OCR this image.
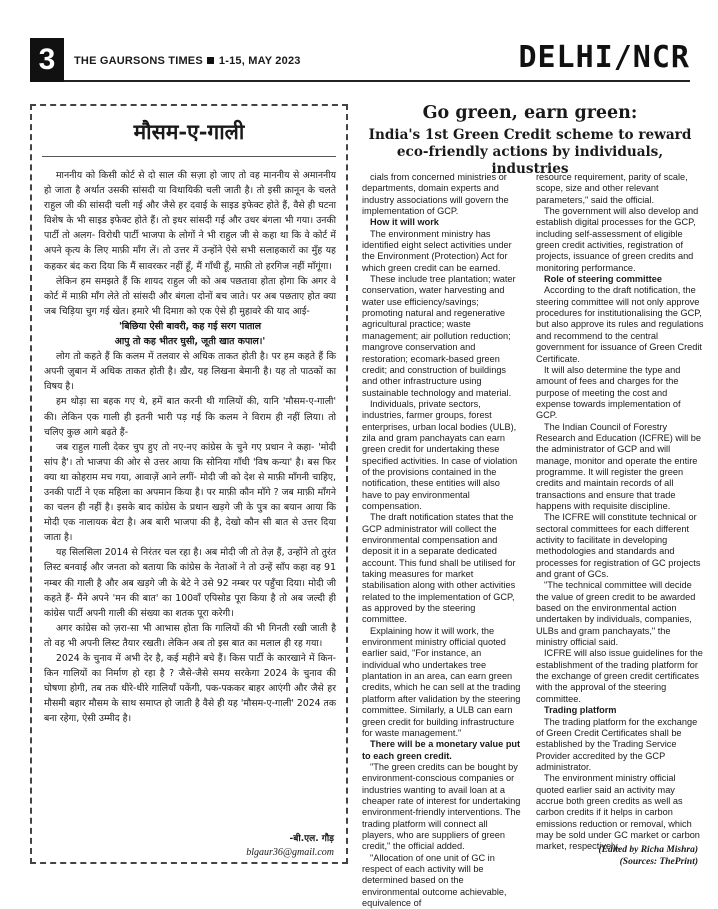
3	THE GAURSONS TIMES 1-15, MAY 2023	DELHI/NCR
मौसम-ए-गाली

माननीय को किसी कोर्ट से दो साल की सज़ा हो जाए तो वह माननीय से अमाननीय हो जाता है अर्थात उसकी सांसदी या विधायिकी चली जाती है। तो इसी क़ानून के चलते राहुल जी की सांसदी चली गई और जैसे हर दवाई के साइड इफेक्ट होते हैं, वैसे ही घटना विशेष के भी साइड इफेक्ट होते हैं। तो इधर सांसदी गई और उधर बंगला भी गया। उनकी पार्टी तो अलग- विरोधी पार्टी भाजपा के लोगों ने भी राहुल जी से कहा था कि वे कोर्ट में अपने कृत्य के लिए माफ़ी माँग लें। तो उत्तर में उन्होंने ऐसे सभी सलाहकारों का मुँह यह कहकर बंद करा दिया कि मैं सावरकर नहीं हूँ, मैं गाँधी हूँ, माफ़ी तो हरगिज नहीं माँगूंगा।

लेकिन हम समझते हैं कि शायद राहुल जी को अब पछतावा होता होगा कि अगर वे कोर्ट में माफ़ी माँग लेते तो सांसदी और बंगला दोनों बच जाते। पर अब पछताए होत क्या जब चिड़िया चुग गई खेत। हमारे भी दिमाग़ को एक ऐसे ही मुहावरे की याद आई-

'बिछिया ऐसी बावरी, कह गई सरग पाताल

आपु तो कह भीतर घुसी, जूती खात कपाल।'

लोग तो कहते हैं कि कलम में तलवार से अधिक ताकत होती है। पर हम कहते हैं कि अपनी ज़ुबान में अधिक ताकत होती है। ख़ैर, यह लिखना बेमानी है। यह तो पाठकों का विषय है।

हम थोड़ा सा बहक गए थे, हमें बात करनी थी गालियों की, यानि 'मौसम-ए-गाली' की। लेकिन एक गाली ही इतनी भारी पड़ गई कि कलम ने विराम ही नहीं लिया। तो चलिए कुछ आगे बढ़ते हैं-

जब राहुल गाली देकर चुप हुए तो नए-नए कांग्रेस के चुने गए प्रधान ने कहा- 'मोदी सांप है'। तो भाजपा की ओर से उत्तर आया कि सोनिया गाँधी 'विष कन्या' है। बस फिर क्या था कोहराम मच गया, आवाज़ें आने लगीं- मोदी जी को देश से माफ़ी माँगनी चाहिए, उनकी पार्टी ने एक महिला का अपमान किया है। पर माफ़ी कौन माँगे ? जब माफ़ी माँगने का चलन ही नहीं है। इसके बाद कांग्रेस के प्रधान खड़गे जी के पुत्र का बयान आया कि मोदी एक नालायक बेटा है। अब बारी भाजपा की है, देखो कौन सी बात से उत्तर दिया जाता है।

यह सिलसिला 2014 से निरंतर चल रहा है। अब मोदी जी तो तेज़ हैं, उन्होंने तो तुरंत लिस्ट बनवाई और जनता को बताया कि कांग्रेस के नेताओं ने तो उन्हें साँप कहा वह 91 नम्बर की गाली है और अब खड़गे जी के बेटे ने उसे 92 नम्बर पर पहुँचा दिया। मोदी जी कहते हैं- मैंने अपने 'मन की बात' का 100वाँ एपिसोड पूरा किया है तो अब जल्दी ही कांग्रेस पार्टी अपनी गाली की संख्या का शतक पूरा करेगी।

अगर कांग्रेस को ज़रा-सा भी आभास होता कि गालियों की भी गिनती रखी जाती है तो वह भी अपनी लिस्ट तैयार रखती। लेकिन अब तो इस बात का मलाल ही रह गया।

2024 के चुनाव में अभी देर है, कई महीने बचे हैं। किस पार्टी के कारखाने में किन-किन गालियों का निर्माण हो रहा है ? जैसे-जैसे समय सरकेगा 2024 के चुनाव की घोषणा होगी, तब तक धीरे-धीरे गालियाँ पकेंगी, पक-पककर बाहर आएंगी और जैसे हर मौसमी बहार मौसम के साथ समाप्त हो जाती है वैसे ही यह 'मौसम-ए-गाली' 2024 तक बना रहेगा, ऐसी उम्मीद है।

-बी.एल. गौड़
blgaur36@gmail.com
Go green, earn green:
India's 1st Green Credit scheme to reward eco-friendly actions by individuals, industries

cials from concerned ministries or departments, domain experts and industry associations will govern the implementation of GCP.

How it will work

The environment ministry has identified eight select activities under the Environment (Protection) Act for which green credit can be earned.

These include tree plantation; water conservation, water harvesting and water use efficiency/savings; promoting natural and regenerative agricultural practice; waste management; air pollution reduction; mangrove conservation and restoration; ecomark-based green credit; and construction of buildings and other infrastructure using sustainable technology and material.

Individuals, private sectors, industries, farmer groups, forest enterprises, urban local bodies (ULB), zila and gram panchayats can earn green credit for undertaking these specified activities. In case of violation of the provisions contained in the notification, these entities will also have to pay environmental compensation.

The draft notification states that the GCP administrator will collect the environmental compensation and deposit it in a separate dedicated account. This fund shall be utilised for taking measures for market stabilisation along with other activities related to the implementation of GCP, as approved by the steering committee.

Explaining how it will work, the environment ministry official quoted earlier said, "For instance, an individual who undertakes tree plantation in an area, can earn green credits, which he can sell at the trading platform after validation by the steering committee. Similarly, a ULB can earn green credit for building infrastructure for waste management."

There will be a monetary value put to each green credit.

"The green credits can be bought by environment-conscious companies or industries wanting to avail loan at a cheaper rate of interest for undertaking environment-friendly interventions. The trading platform will connect all players, who are suppliers of green credit," the official added.

"Allocation of one unit of GC in respect of each activity will be determined based on the environmental outcome achievable, equivalence of

resource requirement, parity of scale, scope, size and other relevant parameters," said the official.

The government will also develop and establish digital processes for the GCP, including self-assessment of eligible green credit activities, registration of projects, issuance of green credits and monitoring performance.

Role of steering committee

According to the draft notification, the steering committee will not only approve procedures for institutionalising the GCP, but also approve its rules and regulations and recommend to the central government for issuance of Green Credit Certificate.

It will also determine the type and amount of fees and charges for the purpose of meeting the cost and expense towards implementation of GCP.

The Indian Council of Forestry Research and Education (ICFRE) will be the administrator of GCP and will manage, monitor and operate the entire programme. It will register the green credits and maintain records of all transactions and ensure that trade happens with requisite discipline.

The ICFRE will constitute technical or sectoral committees for each different activity to facilitate in developing methodologies and standards and processes for registration of GC projects and grant of GCs.

"The technical committee will decide the value of green credit to be awarded based on the environmental action undertaken by individuals, companies, ULBs and gram panchayats," the ministry official said.

ICFRE will also issue guidelines for the establishment of the trading platform for the exchange of green credit certificates with the approval of the steering committee.

Trading platform

The trading platform for the exchange of Green Credit Certificates shall be established by the Trading Service Provider accredited by the GCP administrator.

The environment ministry official quoted earlier said an activity may accrue both green credits as well as carbon credits if it helps in carbon emissions reduction or removal, which may be sold under GC market or carbon market, respectively.

(Edited by Richa Mishra)
(Sources: ThePrint)
